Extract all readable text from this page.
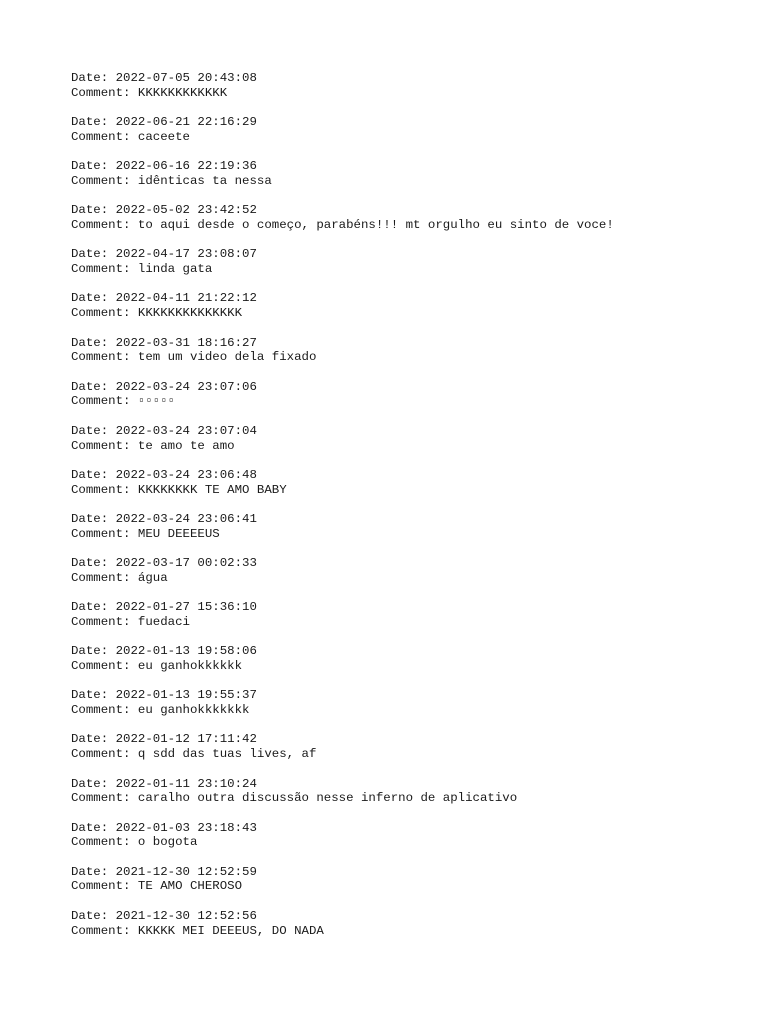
Date: 2022-07-05 20:43:08
Comment: KKKKKKKKKKKK
Date: 2022-06-21 22:16:29
Comment: caceete
Date: 2022-06-16 22:19:36
Comment: idênticas ta nessa
Date: 2022-05-02 23:42:52
Comment: to aqui desde o começo, parabéns!!! mt orgulho eu sinto de voce!
Date: 2022-04-17 23:08:07
Comment: linda gata
Date: 2022-04-11 21:22:12
Comment: KKKKKKKKKKKKKK
Date: 2022-03-31 18:16:27
Comment: tem um video dela fixado
Date: 2022-03-24 23:07:06
Comment: ▫▫▫▫▫
Date: 2022-03-24 23:07:04
Comment: te amo te amo
Date: 2022-03-24 23:06:48
Comment: KKKKKKKK TE AMO BABY
Date: 2022-03-24 23:06:41
Comment: MEU DEEEEUS
Date: 2022-03-17 00:02:33
Comment: água
Date: 2022-01-27 15:36:10
Comment: fuedaci
Date: 2022-01-13 19:58:06
Comment: eu ganhokkkkkk
Date: 2022-01-13 19:55:37
Comment: eu ganhokkkkkkk
Date: 2022-01-12 17:11:42
Comment: q sdd das tuas lives, af
Date: 2022-01-11 23:10:24
Comment: caralho outra discussão nesse inferno de aplicativo
Date: 2022-01-03 23:18:43
Comment: o bogota
Date: 2021-12-30 12:52:59
Comment: TE AMO CHEROSO
Date: 2021-12-30 12:52:56
Comment: KKKKK MEI DEEEUS, DO NADA
